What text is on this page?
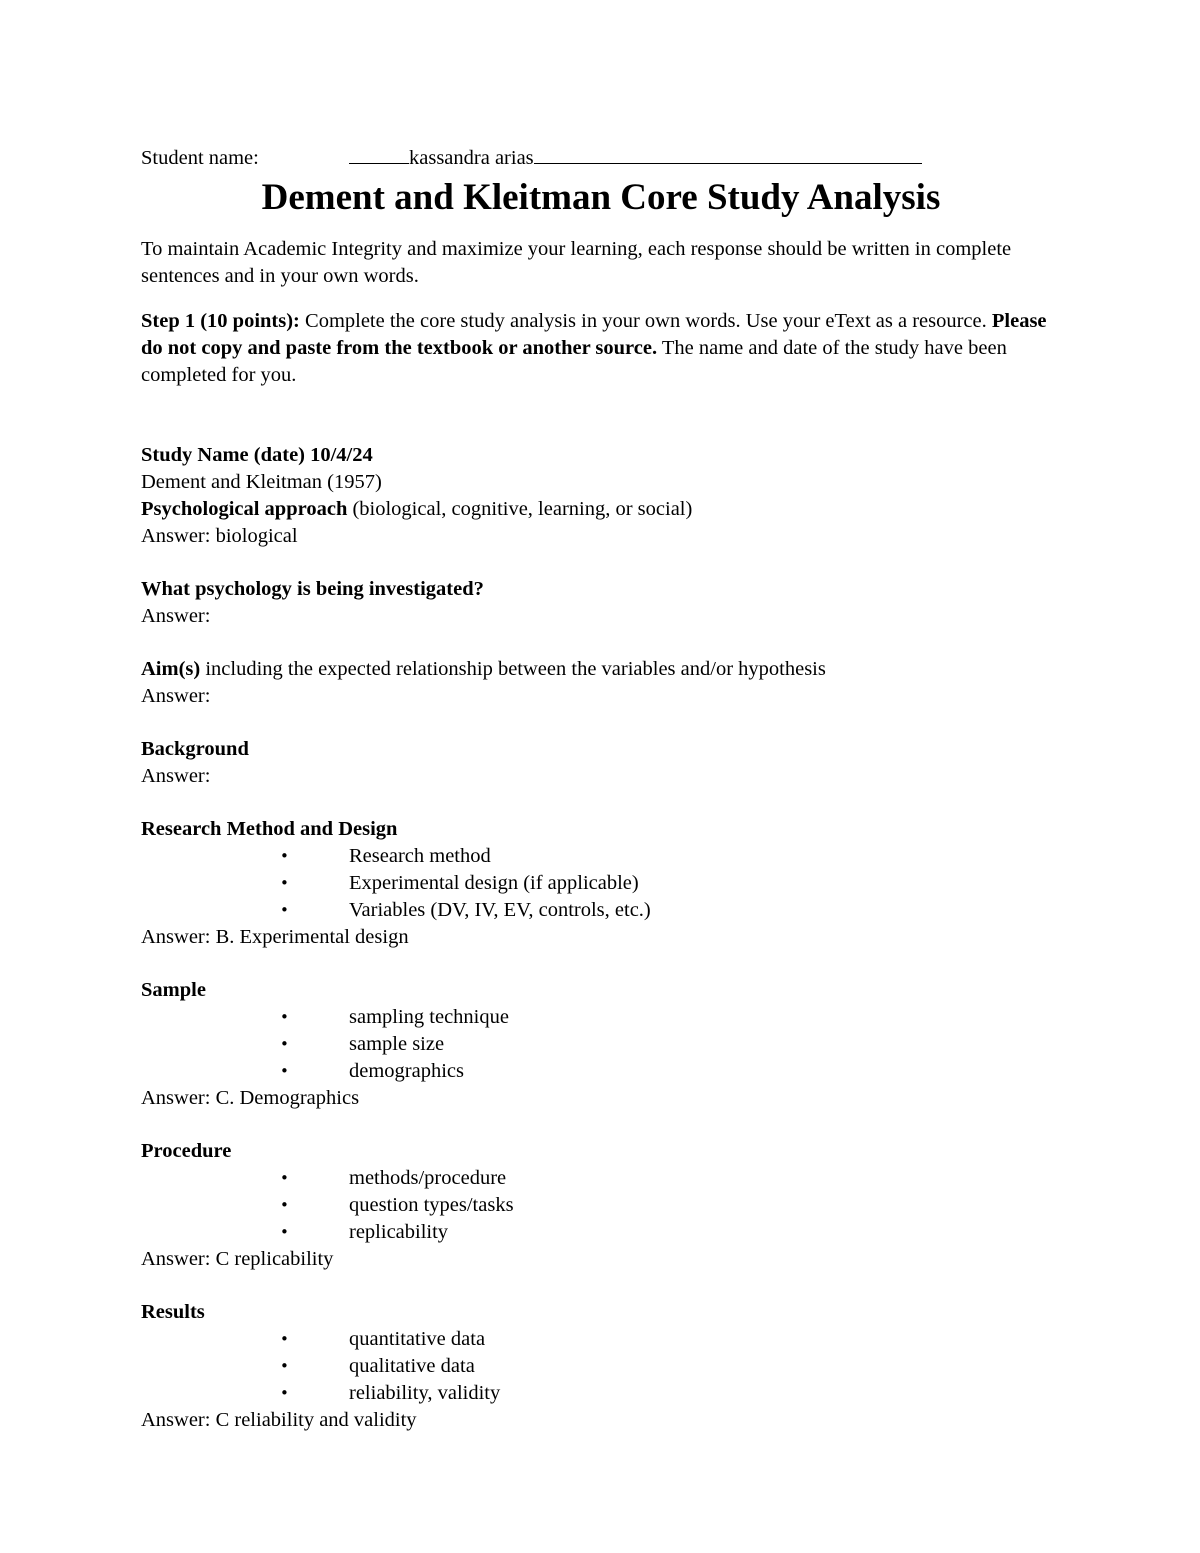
Student name:	kassandra arias
Dement and Kleitman Core Study Analysis

To maintain Academic Integrity and maximize your learning, each response should be written in complete sentences and in your own words.

Step 1 (10 points): Complete the core study analysis in your own words. Use your eText as a resource. Please do not copy and paste from the textbook or another source. The name and date of the study have been completed for you.

Study Name (date) 10/4/24

Dement and Kleitman (1957)

Psychological approach (biological, cognitive, learning, or social)

Answer: biological

What psychology is being investigated?

Answer:

Aim(s) including the expected relationship between the variables and/or hypothesis

Answer:

Background

Answer:

Research Method and Design

•	Research method
•	Experimental design (if applicable)
•	Variables (DV, IV, EV, controls, etc.)

Answer: B. Experimental design

Sample

•	sampling technique
•	sample size
•	demographics

Answer: C. Demographics

Procedure

•	methods/procedure
•	question types/tasks
•	replicability

Answer: C replicability

Results

•	quantitative data
•	qualitative data
•	reliability, validity

Answer: C reliability and validity
